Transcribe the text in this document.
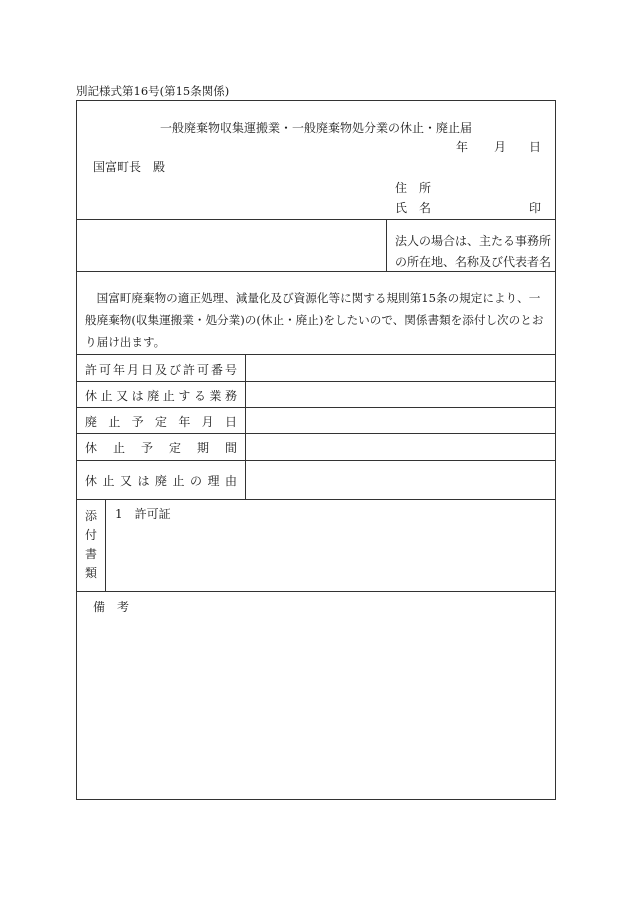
別記様式第16号(第15条関係)
一般廃棄物収集運搬業・一般廃棄物処分業の休止・廃止届
年 月 日
国富町長　殿
住　所
氏　名	印
法人の場合は、主たる事務所の所在地、名称及び代表者名
国富町廃棄物の適正処理、減量化及び資源化等に関する規則第15条の規定により、一般廃棄物(収集運搬業・処分業)の(休止・廃止)をしたいので、関係書類を添付し次のとおり届け出ます。
許可年月日及び許可番号
休止又は廃止する業務
廃止予定年月日
休止予定期間
休止又は廃止の理由
添付書類
1　許可証
備　考
